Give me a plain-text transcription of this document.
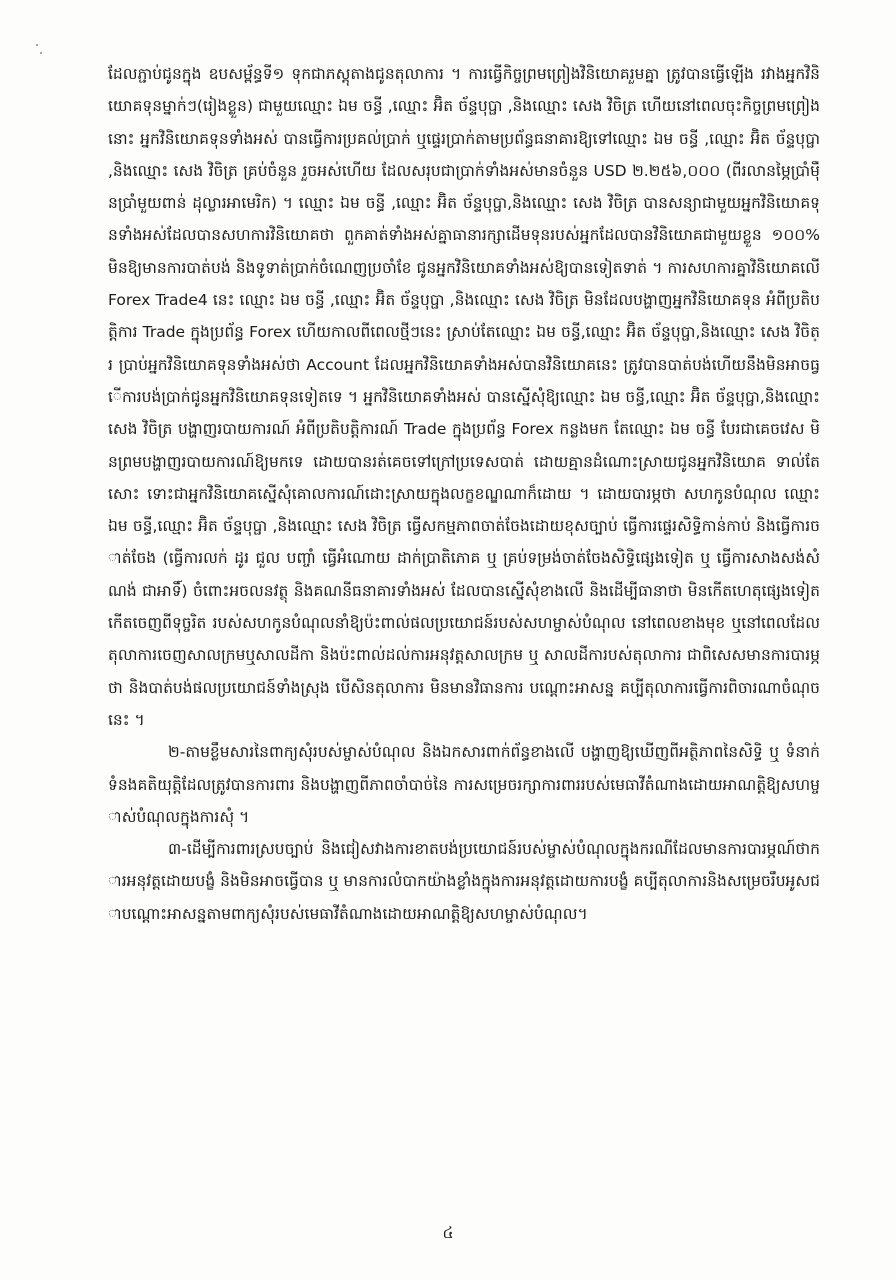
ដែលភ្ជាប់ជូនក្នុង ឧបសម្ព័ន្ធទី១ ទុកជាភស្តុតាងជូនតុលាការ ។ ការធ្វើកិច្ចព្រមព្រៀងវិនិយោគរួមគ្នា ត្រូវបានធ្វើឡើង រវាងអ្នកវិនិយោគទុនម្នាក់ៗ(រៀងខ្លួន) ជាមួយឈ្មោះ ឯម ចន្ធី ,ឈ្មោះ អ៊ិត ច័ន្ទបុប្ផា ,និងឈ្មោះ សេង វិចិត្រ ហើយនៅពេលចុះកិច្ចព្រមព្រៀងនោះ អ្នកវិនិយោគទុនទាំងអស់ បានធ្វើការប្រគល់ប្រាក់ ឬផ្ទេរប្រាក់តាមប្រព័ន្ធធនាគារឱ្យទៅឈ្មោះ ឯម ចន្ធី ,ឈ្មោះ អ៊ិត ច័ន្ទបុប្ផា ,និងឈ្មោះ សេង វិចិត្រ គ្រប់ចំនួន រួចអស់ហើយ ដែលសរុបជាប្រាក់ទាំងអស់មានចំនួន USD ២.២៥៦,០០០ (ពីរលានម្ភៃប្រាំមុឺនប្រាំមួយពាន់ ដុល្លារអាមេរិក) ។ ឈ្មោះ ឯម ចន្ធី ,ឈ្មោះ អ៊ិត ច័ន្ទបុប្ផា,និងឈ្មោះ សេង វិចិត្រ បានសន្យាជាមួយអ្នកវិនិយោគទុនទាំងអស់ដែលបានសហការវិនិយោគថា ពួកគាត់ទាំងអស់គ្នាធានារក្សាដើមទុនរបស់អ្នកដែលបានវិនិយោគជាមួយខ្លួន ១០០% មិនឱ្យមានការបាត់បង់ និងទូទាត់ប្រាក់ចំណេញប្រចាំខែ ជូនអ្នកវិនិយោគទាំងអស់ឱ្យបានទៀតទាត់ ។ ការសហការគ្នាវិនិយោគលើ Forex Trade4 នេះ ឈ្មោះ ឯម ចន្ធី ,ឈ្មោះ អ៊ិត ច័ន្ទបុប្ផា ,និងឈ្មោះ សេង វិចិត្រ មិនដែលបង្ហាញអ្នកវិនិយោគទុន អំពីប្រតិបត្តិការ Trade ក្នុងប្រព័ន្ធ Forex ហើយកាលពីពេលថ្មីៗនេះ ស្រាប់តែឈ្មោះ ឯម ចន្ធី,ឈ្មោះ អ៊ិត ច័ន្ទបុប្ផា,និងឈ្មោះ សេង វិចិត្រ ប្រាប់អ្នកវិនិយោគទុនទាំងអស់ថា Account ដែលអ្នកវិនិយោគទាំងអស់បានវិនិយោគនេះ ត្រូវបានបាត់បង់ហើយនឹងមិនអាចធ្វើការបង់ប្រាក់ជូនអ្នកវិនិយោគទុនទៀតទេ ។ អ្នកវិនិយោគទាំងអស់ បានស្នើសុំឱ្យឈ្មោះ ឯម ចន្ធី,ឈ្មោះ អ៊ិត ច័ន្ទបុប្ផា,និងឈ្មោះ សេង វិចិត្រ បង្ហាញរបាយការណ៍ អំពីប្រតិបត្តិការណ៍ Trade ក្នុងប្រព័ន្ធ Forex កន្លងមក តែឈ្មោះ ឯម ចន្ធី បែរជាគេចវេស មិនព្រមបង្ហាញរបាយការណ៍ឱ្យមកទេ ដោយបានរត់គេចទៅក្រៅប្រទេសបាត់ ដោយគ្មានដំណោះស្រាយជូនអ្នកវិនិយោគ ទាល់តែសោះ ទោះជាអ្នកវិនិយោគស្នើសុំគោលការណ៍ដោះស្រាយក្នុងលក្ខខណ្ឌណាក៏ដោយ ។ ដោយបារម្ភថា សហកូនបំណុល ឈ្មោះ ឯម ចន្ធី,ឈ្មោះ អ៊ិត ច័ន្ទបុប្ផា ,និងឈ្មោះ សេង វិចិត្រ ធ្វើសកម្មភាពចាត់ចែងដោយខុសច្បាប់ ធ្វើការផ្ទេរសិទ្ធិកាន់កាប់ និងធ្វើការចាត់ចែង (ធ្វើការលក់ ដូរ ជួល បញ្ចាំ ធ្វើអំណោយ ដាក់ប្រាតិភោគ ឬ គ្រប់ទម្រង់ចាត់ចែងសិទ្ធិផ្សេងទៀត ឬ ធ្វើការសាងសង់សំណង់ ជាអាទិ៍) ចំពោះអចលនវត្ថុ និងគណនីធនាគារទាំងអស់ ដែលបានស្នើសុំខាងលើ និងដើម្បីធានាថា មិនកើតហេតុផ្សេងទៀតកើតចេញពីទុច្ចរិត របស់សហកូនបំណុលនាំឱ្យប៉ះពាល់ផលប្រយោជន៍របស់សហម្ចាស់បំណុល នៅពេលខាងមុខ ឬនៅពេលដែលតុលាការចេញសាលក្រមឬសាលដីកា និងប៉ះពាល់ដល់ការអនុវត្តសាលក្រម ឬ សាលដីការបស់តុលាការ ជាពិសេសមានការបារម្ភថា និងបាត់បង់ផលប្រយោជន៍ទាំងស្រុង បើសិនតុលាការ មិនមានវិធានការ បណ្ដោះអាសន្ន គប្បីតុលាការធ្វើការពិចារណាចំណុចនេះ ។

២-តាមខ្លឹមសារនៃពាក្យសុំរបស់ម្ចាស់បំណុល និងឯកសារពាក់ព័ន្ធខាងលើ បង្ហាញឱ្យឃើញពីអត្ថិភាពនៃសិទ្ធិ ឬ ទំនាក់ទំនងគតិយុត្តិដែលត្រូវបានការពារ និងបង្ហាញពីភាពចាំបាច់នៃ ការសម្រេចរក្សាការពាររបស់មេធាវីតំណាងដោយអាណត្តិឱ្យសហម្ចាស់បំណុលក្នុងការសុំ ។

៣-ដើម្បីការពារស្របច្បាប់ និងជៀសវាងការខាតបង់ប្រយោជន៍របស់ម្ចាស់បំណុលក្នុងករណីដែលមានការបារម្ភណ៍ថាការអនុវត្តដោយបង្ខំ និងមិនអាចធ្វើបាន ឬ មានការលំបាកយ៉ាងខ្លាំងក្នុងការអនុវត្តដោយការបង្ខំ គប្បីតុលាការនិងសម្រេចរឹបអូសជាបណ្ដោះអាសន្នតាមពាក្យសុំរបស់មេធាវីតំណាងដោយអាណត្តិឱ្យសហម្ចាស់បំណុល។

៤
